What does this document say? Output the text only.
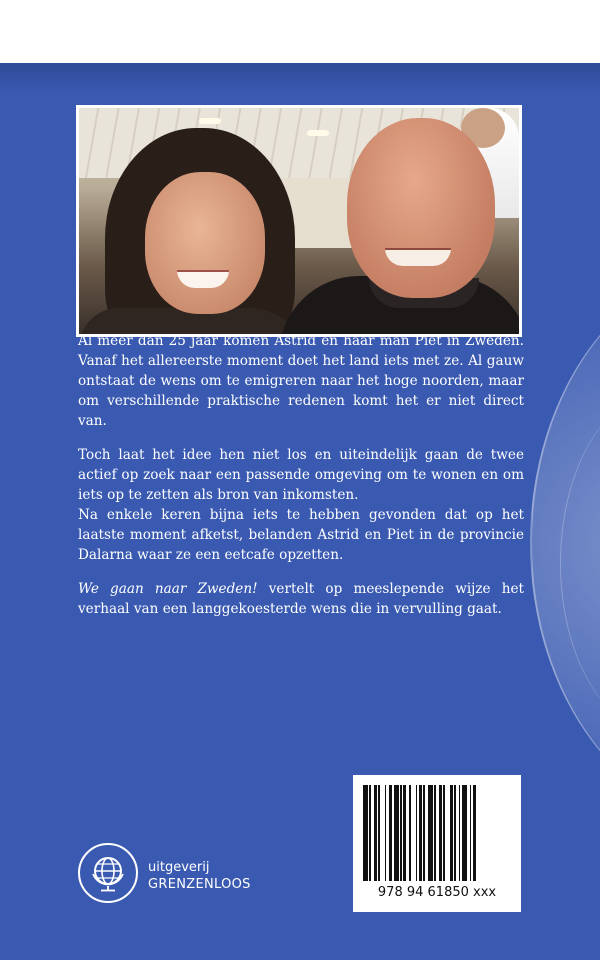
Al meer dan 25 jaar komen Astrid en haar man Piet in Zweden. Vanaf het allereerste moment doet het land iets met ze. Al gauw ontstaat de wens om te emigreren naar het hoge noorden, maar om verschillende praktische redenen komt het er niet direct van.

Toch laat het idee hen niet los en uiteindelijk gaan de twee actief op zoek naar een passende omgeving om te wonen en om iets op te zetten als bron van inkomsten.

Na enkele keren bijna iets te hebben gevonden dat op het laatste moment afketst, belanden Astrid en Piet in de provincie Dalarna waar ze een eetcafe opzetten.

We gaan naar Zweden! vertelt op meeslepende wijze het verhaal van een langgekoesterde wens die in vervulling gaat.

uitgeverij
GRENZENLOOS
978 94 61850 xxx
